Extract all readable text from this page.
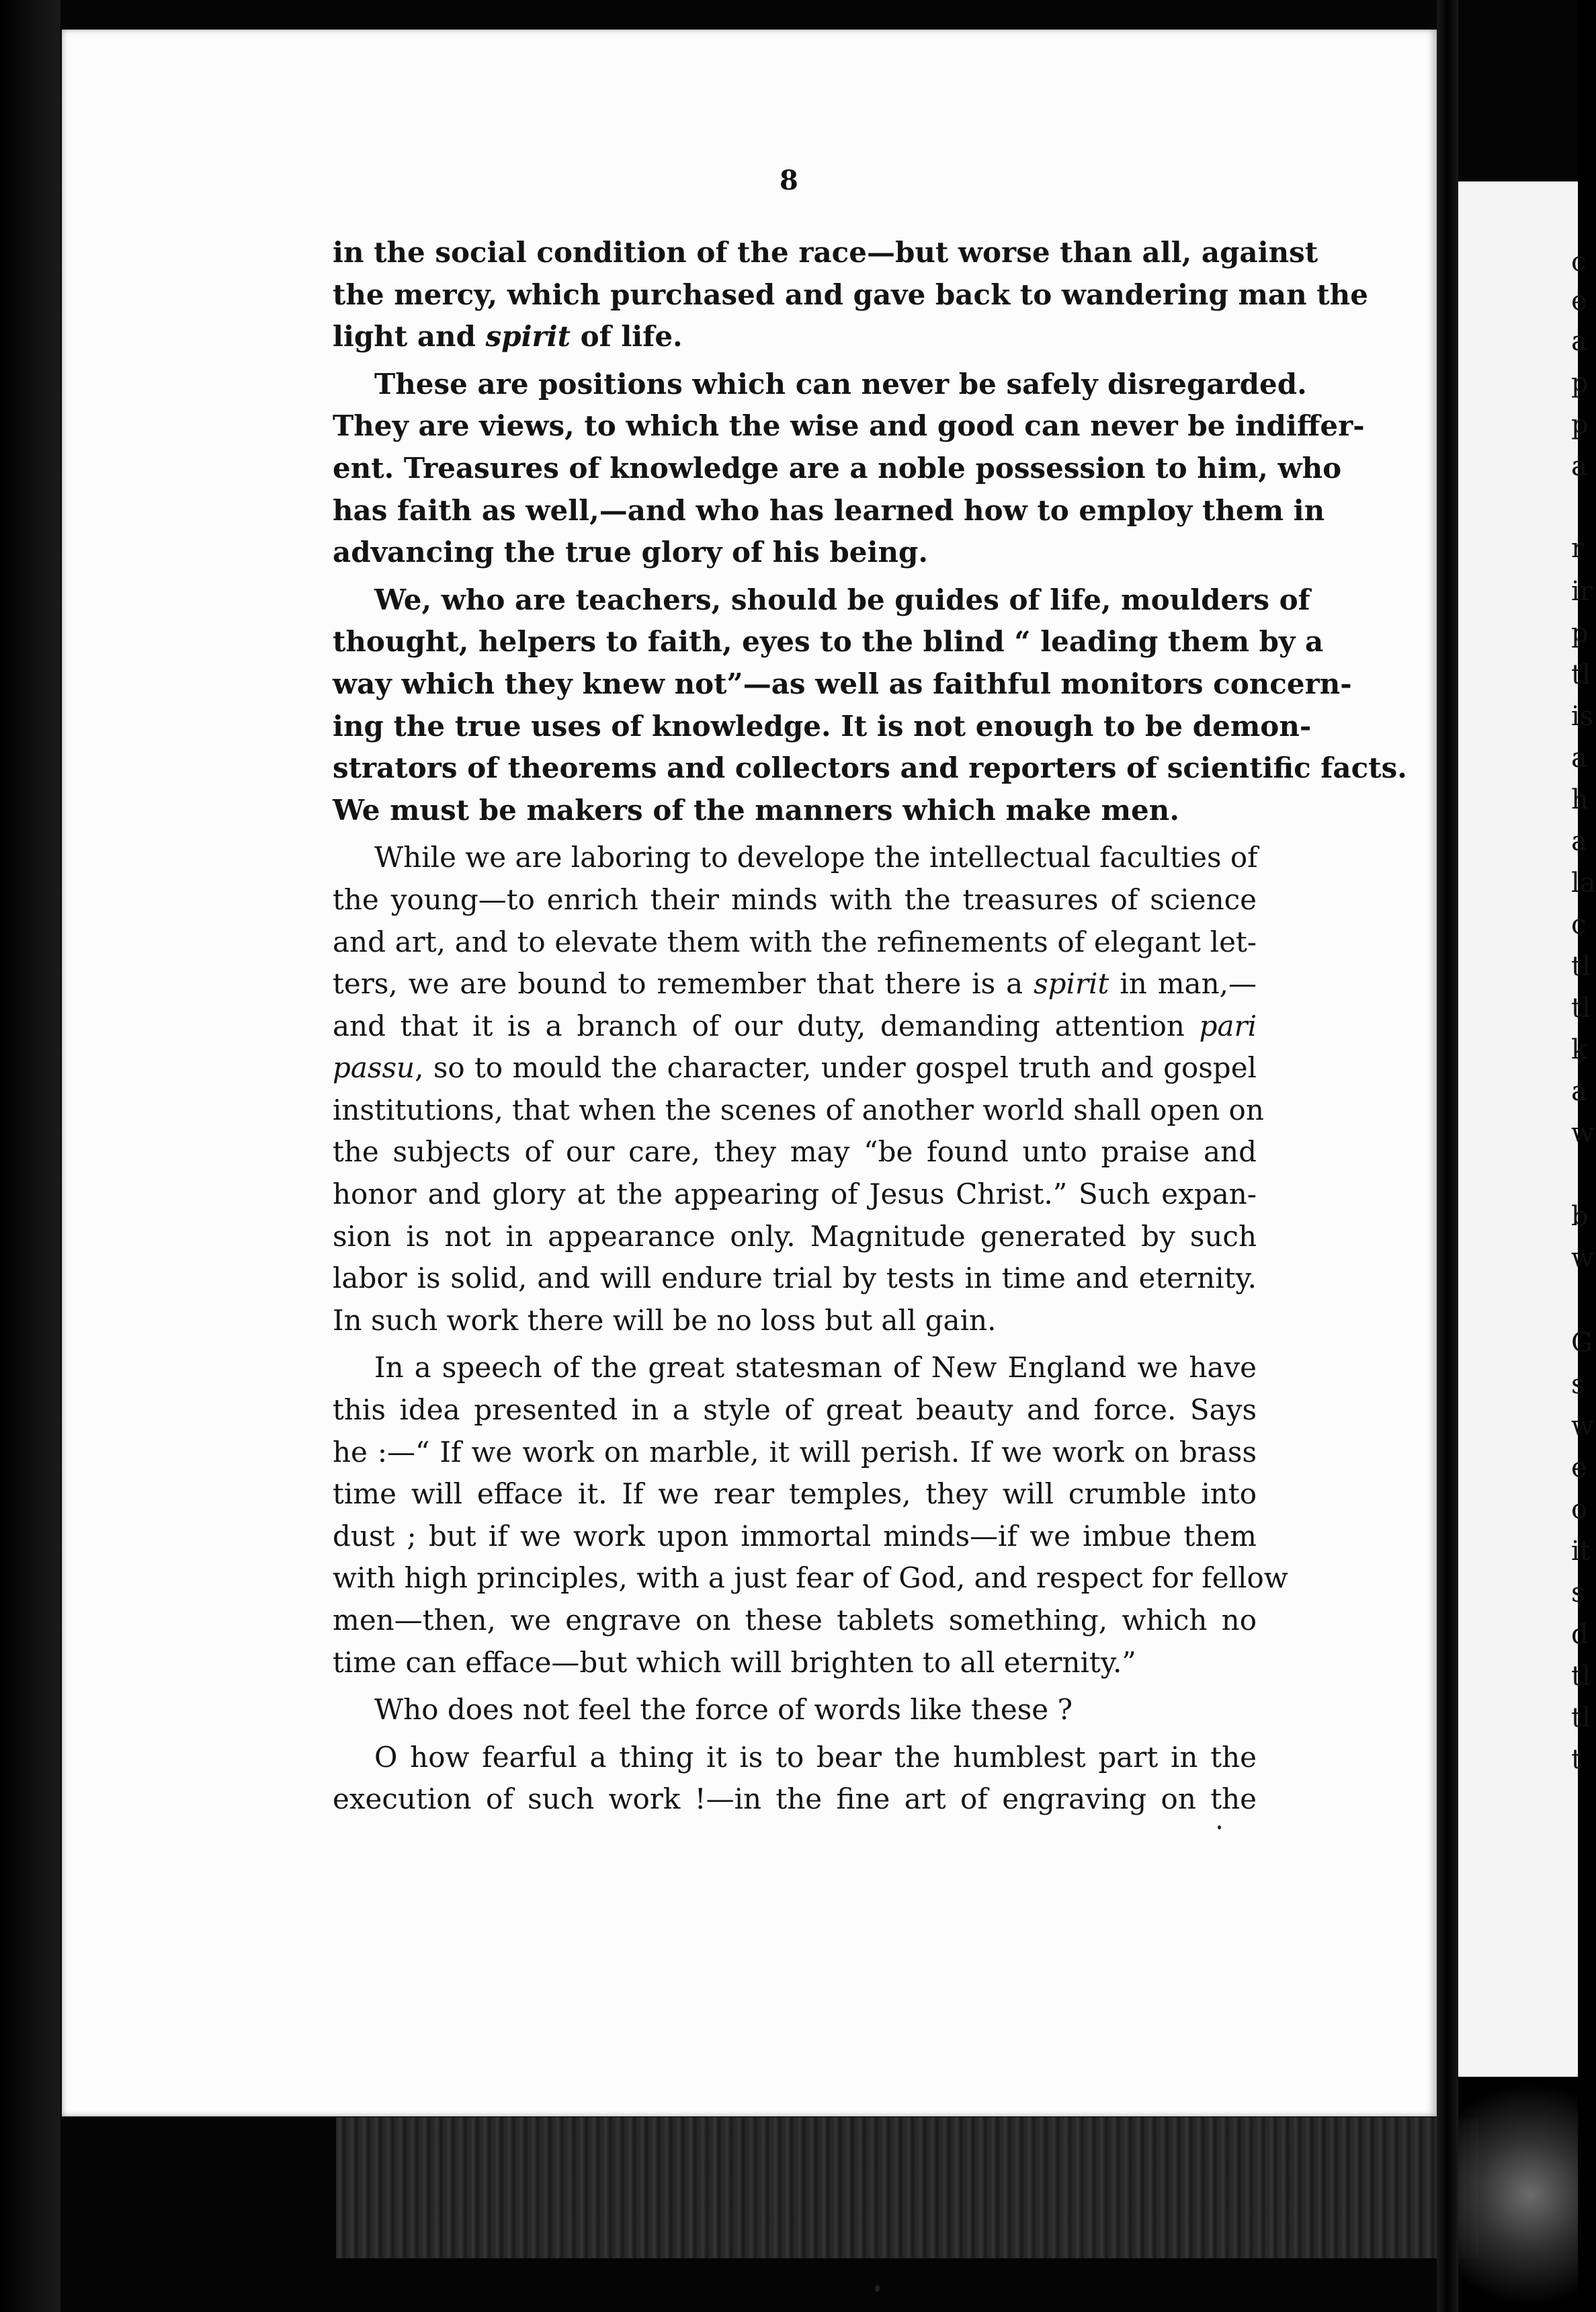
c
e
a
p
p
a
r
ir
p
tl
is
a
h
a
la
c
tl
tl
k
a
w
b
w
G
s
w
e
o
it
s
d
tl
tl
t
8

in the social condition of the race—but worse than all, against
the mercy, which purchased and gave back to wandering man the
light and spirit of life.

These are positions which can never be safely disregarded.
They are views, to which the wise and good can never be indiffer-
ent. Treasures of knowledge are a noble possession to him, who
has faith as well,—and who has learned how to employ them in
advancing the true glory of his being.

We, who are teachers, should be guides of life, moulders of
thought, helpers to faith, eyes to the blind “ leading them by a
way which they knew not”—as well as faithful monitors concern-
ing the true uses of knowledge. It is not enough to be demon-
strators of theorems and collectors and reporters of scientific facts.
We must be makers of the manners which make men.

While we are laboring to develope the intellectual faculties of
the young—to enrich their minds with the treasures of science
and art, and to elevate them with the refinements of elegant let-
ters, we are bound to remember that there is a spirit in man,—
and that it is a branch of our duty, demanding attention pari
passu, so to mould the character, under gospel truth and gospel
institutions, that when the scenes of another world shall open on
the subjects of our care, they may “be found unto praise and
honor and glory at the appearing of Jesus Christ.” Such expan-
sion is not in appearance only. Magnitude generated by such
labor is solid, and will endure trial by tests in time and eternity.
In such work there will be no loss but all gain.

In a speech of the great statesman of New England we have
this idea presented in a style of great beauty and force. Says
he :—“ If we work on marble, it will perish. If we work on brass
time will efface it. If we rear temples, they will crumble into
dust ; but if we work upon immortal minds—if we imbue them
with high principles, with a just fear of God, and respect for fellow
men—then, we engrave on these tablets something, which no
time can efface—but which will brighten to all eternity.”

Who does not feel the force of words like these ?

O how fearful a thing it is to bear the humblest part in the
execution of such work !—in the fine art of engraving on the
